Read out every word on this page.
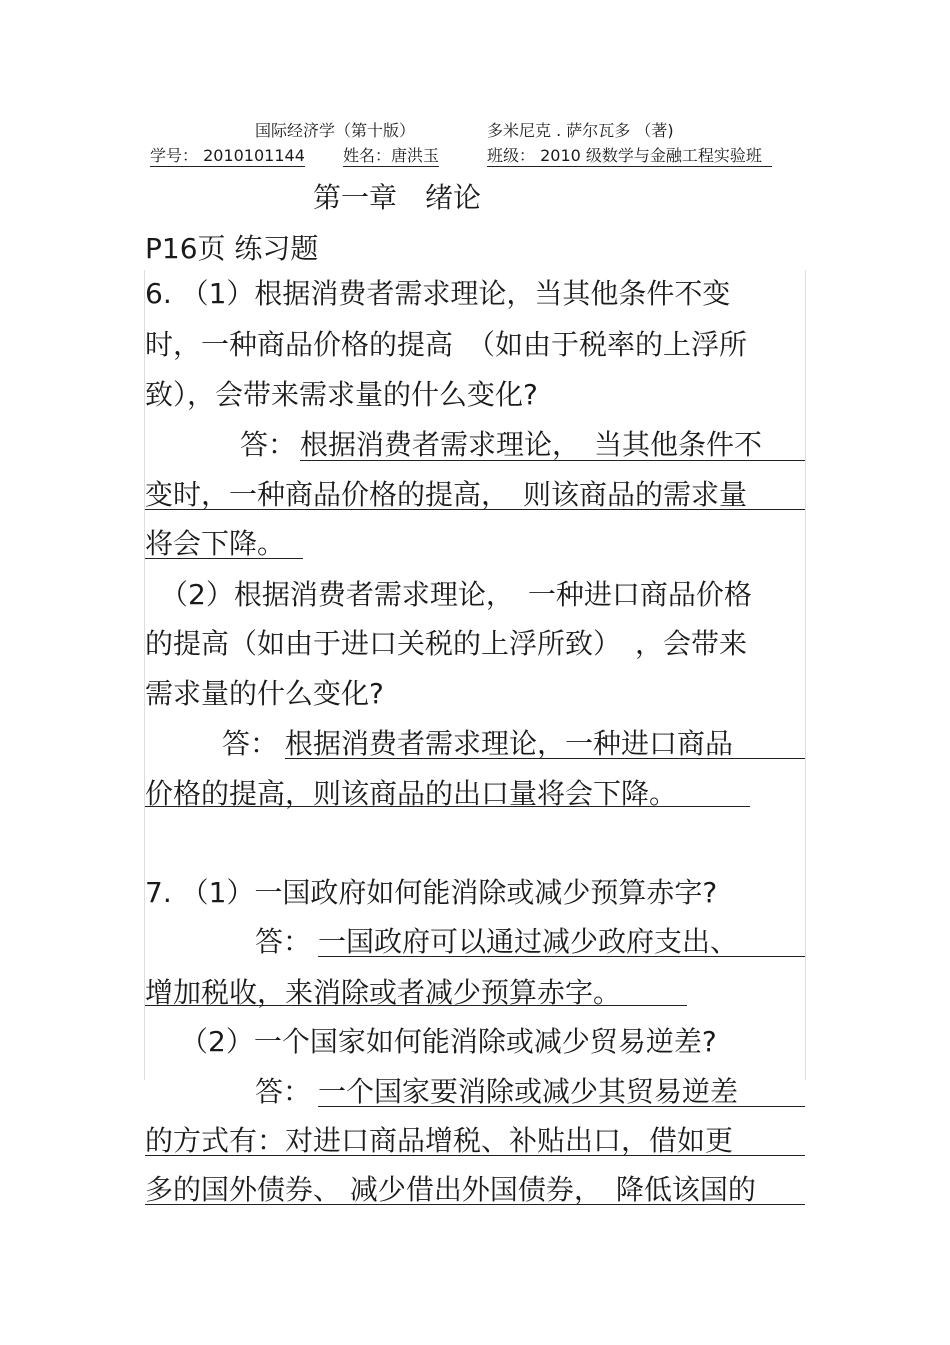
国际经济学（第十版）	多米尼克 . 萨尔瓦多 （著)
学号： 2010101144 姓名：唐洪玉	班级： 2010 级数学与金融工程实验班
第一章　绪论
P16页 练习题
6. （1）根据消费者需求理论，当其他条件不变
时，一种商品价格的提高　（如由于税率的上浮所
致），会带来需求量的什么变化?
答： 根据消费者需求理论，　当其他条件不
变时，一种商品价格的提高，　则该商品的需求量
将会下降。
（2）根据消费者需求理论，　一种进口商品价格
的提高（如由于进口关税的上浮所致）　，会带来
需求量的什么变化?
答： 根据消费者需求理论，一种进口商品
价格的提高，则该商品的出口量将会下降。
7. （1）一国政府如何能消除或减少预算赤字?
答： 一国政府可以通过减少政府支出、
增加税收，来消除或者减少预算赤字。
（2）一个国家如何能消除或减少贸易逆差?
答： 一个国家要消除或减少其贸易逆差
的方式有：对进口商品增税、补贴出口，借如更
多的国外债券、 减少借出外国债券，　降低该国的
